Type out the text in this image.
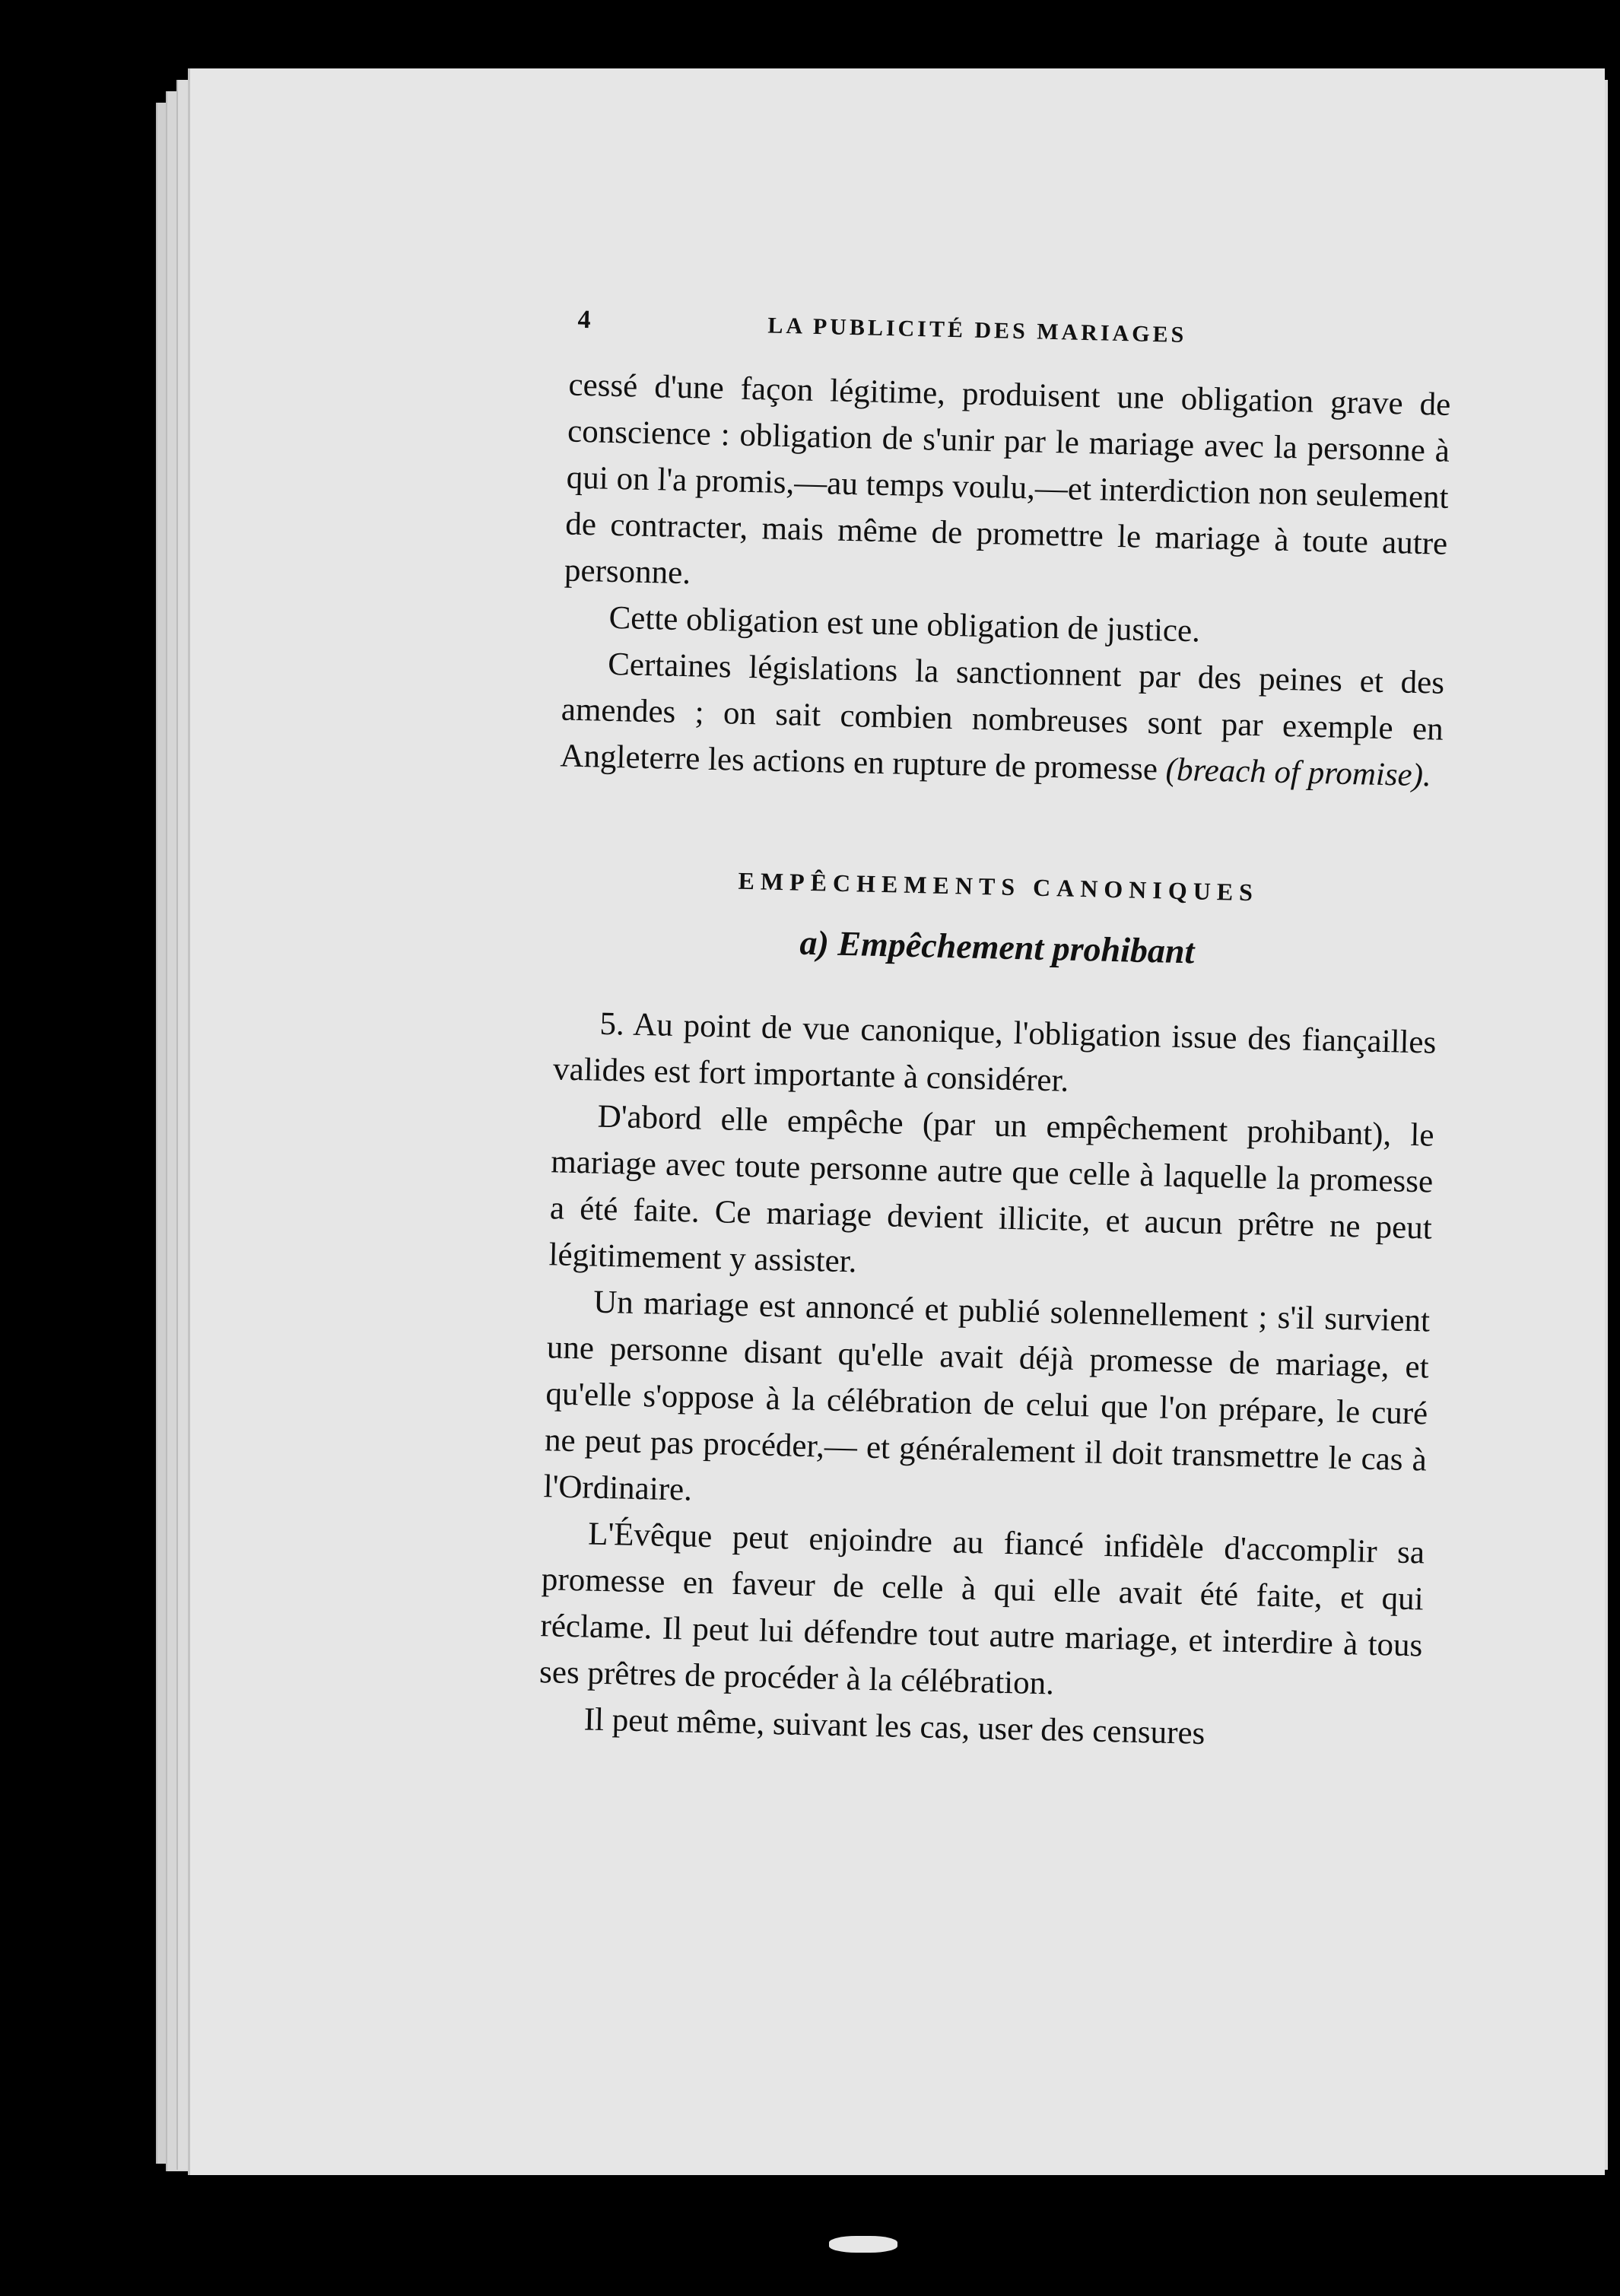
4	LA PUBLICITÉ DES MARIAGES

cessé d'une façon légitime, produisent une obligation grave de conscience : obligation de s'unir par le mariage avec la personne à qui on l'a promis,—au temps voulu,—et interdiction non seulement de contracter, mais même de promettre le mariage à toute autre personne.

Cette obligation est une obligation de justice.

Certaines législations la sanctionnent par des peines et des amendes ; on sait combien nombreuses sont par exemple en Angleterre les actions en rupture de promesse (breach of promise).

EMPÊCHEMENTS CANONIQUES
a) Empêchement prohibant

5. Au point de vue canonique, l'obligation issue des fiançailles valides est fort importante à considérer.

D'abord elle empêche (par un empêchement prohibant), le mariage avec toute personne autre que celle à laquelle la promesse a été faite. Ce mariage devient illicite, et aucun prêtre ne peut légitimement y assister.

Un mariage est annoncé et publié solennellement ; s'il survient une personne disant qu'elle avait déjà promesse de mariage, et qu'elle s'oppose à la célébration de celui que l'on prépare, le curé ne peut pas procéder,— et généralement il doit transmettre le cas à l'Ordinaire.

L'Évêque peut enjoindre au fiancé infidèle d'accomplir sa promesse en faveur de celle à qui elle avait été faite, et qui réclame. Il peut lui défendre tout autre mariage, et interdire à tous ses prêtres de procéder à la célébration.

Il peut même, suivant les cas, user des censures
